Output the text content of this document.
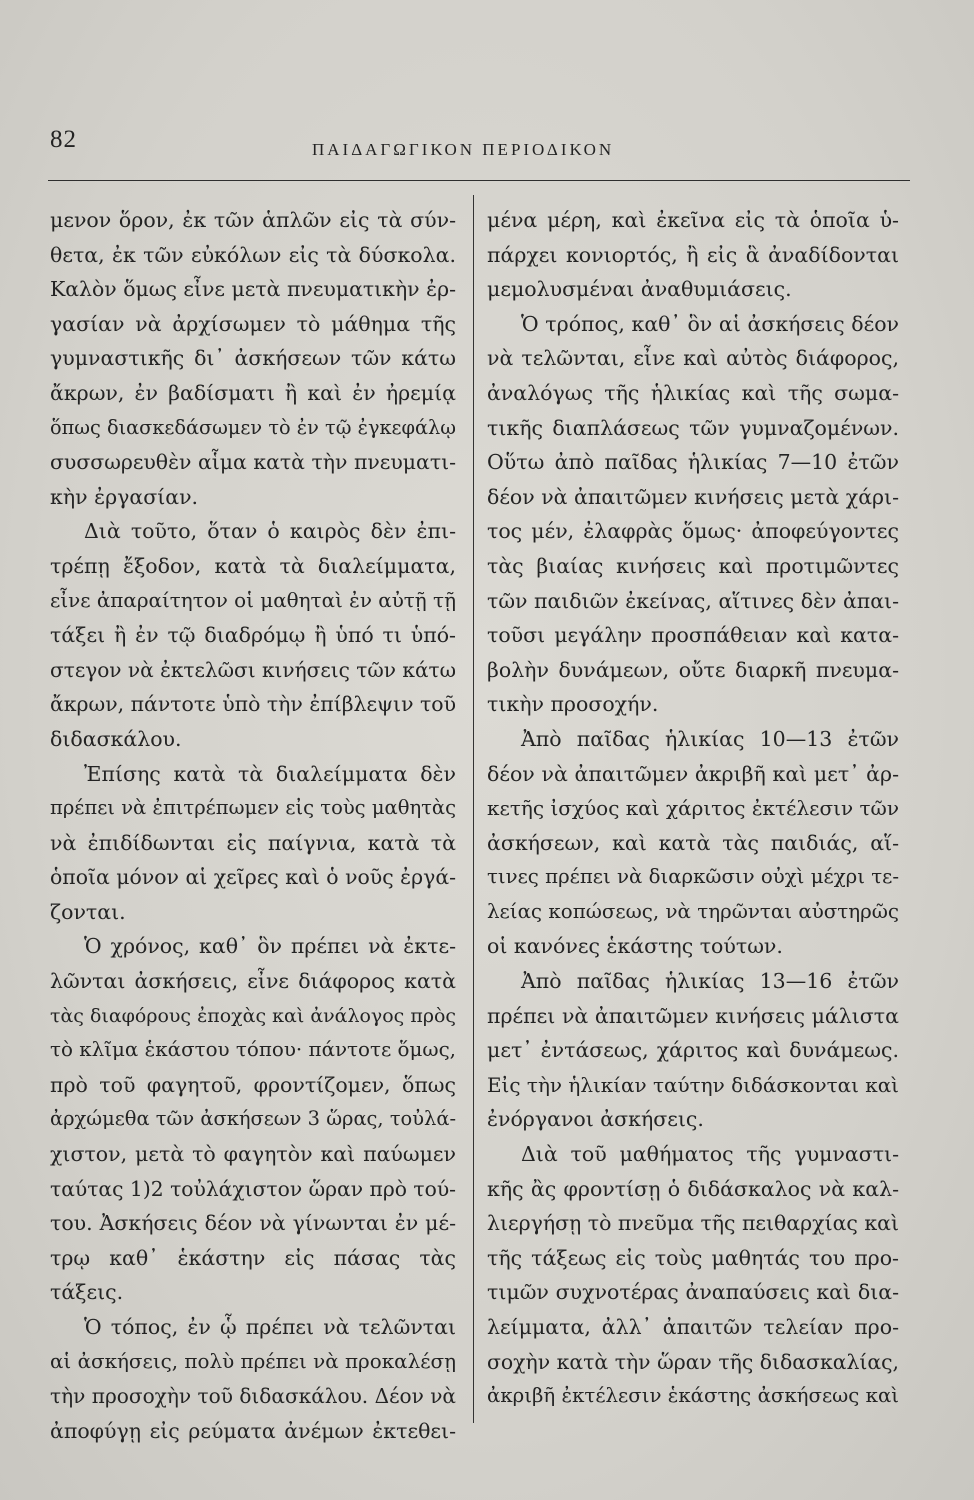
82	ΠΑΙΔΑΓΩΓΙΚΟΝ ΠΕΡΙΟΔΙΚΟΝ
μενον ὅρον, ἐκ τῶν ἁπλῶν εἰς τὰ σύν-
θετα, ἐκ τῶν εὐκόλων εἰς τὰ δύσκολα.
Καλὸν ὅμως εἶνε μετὰ πνευματικὴν ἐρ-
γασίαν νὰ ἀρχίσωμεν τὸ μάθημα τῆς
γυμναστικῆς δι᾽ ἀσκήσεων τῶν κάτω
ἄκρων, ἐν βαδίσματι ἢ καὶ ἐν ἠρεμίᾳ
ὅπως διασκεδάσωμεν τὸ ἐν τῷ ἐγκεφάλῳ
συσσωρευθὲν αἷμα κατὰ τὴν πνευματι-
κὴν ἐργασίαν.
Διὰ τοῦτο, ὅταν ὁ καιρὸς δὲν ἐπι-
τρέπῃ ἔξοδον, κατὰ τὰ διαλείμματα,
εἶνε ἀπαραίτητον οἱ μαθηταὶ ἐν αὐτῇ τῇ
τάξει ἢ ἐν τῷ διαδρόμῳ ἢ ὑπό τι ὑπό-
στεγον νὰ ἐκτελῶσι κινήσεις τῶν κάτω
ἄκρων, πάντοτε ὑπὸ τὴν ἐπίβλεψιν τοῦ
διδασκάλου.
Ἐπίσης κατὰ τὰ διαλείμματα δὲν
πρέπει νὰ ἐπιτρέπωμεν εἰς τοὺς μαθητὰς
νὰ ἐπιδίδωνται εἰς παίγνια, κατὰ τὰ
ὁποῖα μόνον αἱ χεῖρες καὶ ὁ νοῦς ἐργά-
ζονται.
Ὁ χρόνος, καθ᾽ ὃν πρέπει νὰ ἐκτε-
λῶνται ἀσκήσεις, εἶνε διάφορος κατὰ
τὰς διαφόρους ἐποχὰς καὶ ἀνάλογος πρὸς
τὸ κλῖμα ἑκάστου τόπου· πάντοτε ὅμως,
πρὸ τοῦ φαγητοῦ, φροντίζομεν, ὅπως
ἀρχώμεθα τῶν ἀσκήσεων 3 ὥρας, τοὐλά-
χιστον, μετὰ τὸ φαγητὸν καὶ παύωμεν
ταύτας 1)2 τοὐλάχιστον ὥραν πρὸ τού-
του. Ἀσκήσεις δέον νὰ γίνωνται ἐν μέ-
τρῳ καθ᾽ ἑκάστην εἰς πάσας τὰς
τάξεις.
Ὁ τόπος, ἐν ᾧ πρέπει νὰ τελῶνται
αἱ ἀσκήσεις, πολὺ πρέπει νὰ προκαλέσῃ
τὴν προσοχὴν τοῦ διδασκάλου. Δέον νὰ
ἀποφύγῃ εἰς ρεύματα ἀνέμων ἐκτεθει-
μένα μέρη, καὶ ἐκεῖνα εἰς τὰ ὁποῖα ὑ-
πάρχει κονιορτός, ἢ εἰς ἃ ἀναδίδονται
μεμολυσμέναι ἀναθυμιάσεις.
Ὁ τρόπος, καθ᾽ ὃν αἱ ἀσκήσεις δέον
νὰ τελῶνται, εἶνε καὶ αὐτὸς διάφορος,
ἀναλόγως τῆς ἡλικίας καὶ τῆς σωμα-
τικῆς διαπλάσεως τῶν γυμναζομένων.
Οὕτω ἀπὸ παῖδας ἡλικίας 7—10 ἐτῶν
δέον νὰ ἀπαιτῶμεν κινήσεις μετὰ χάρι-
τος μέν, ἐλαφρὰς ὅμως· ἀποφεύγοντες
τὰς βιαίας κινήσεις καὶ προτιμῶντες
τῶν παιδιῶν ἐκείνας, αἵτινες δὲν ἀπαι-
τοῦσι μεγάλην προσπάθειαν καὶ κατα-
βολὴν δυνάμεων, οὔτε διαρκῆ πνευμα-
τικὴν προσοχήν.
Ἀπὸ παῖδας ἡλικίας 10—13 ἐτῶν
δέον νὰ ἀπαιτῶμεν ἀκριβῆ καὶ μετ᾽ ἀρ-
κετῆς ἰσχύος καὶ χάριτος ἐκτέλεσιν τῶν
ἀσκήσεων, καὶ κατὰ τὰς παιδιάς, αἵ-
τινες πρέπει νὰ διαρκῶσιν οὐχὶ μέχρι τε-
λείας κοπώσεως, νὰ τηρῶνται αὐστηρῶς
οἱ κανόνες ἑκάστης τούτων.
Ἀπὸ παῖδας ἡλικίας 13—16 ἐτῶν
πρέπει νὰ ἀπαιτῶμεν κινήσεις μάλιστα
μετ᾽ ἐντάσεως, χάριτος καὶ δυνάμεως.
Εἰς τὴν ἡλικίαν ταύτην διδάσκονται καὶ
ἐνόργανοι ἀσκήσεις.
Διὰ τοῦ μαθήματος τῆς γυμναστι-
κῆς ἂς φροντίσῃ ὁ διδάσκαλος νὰ καλ-
λιεργήσῃ τὸ πνεῦμα τῆς πειθαρχίας καὶ
τῆς τάξεως εἰς τοὺς μαθητάς του προ-
τιμῶν συχνοτέρας ἀναπαύσεις καὶ δια-
λείμματα, ἀλλ᾽ ἀπαιτῶν τελείαν προ-
σοχὴν κατὰ τὴν ὥραν τῆς διδασκαλίας,
ἀκριβῆ ἐκτέλεσιν ἑκάστης ἀσκήσεως καὶ
